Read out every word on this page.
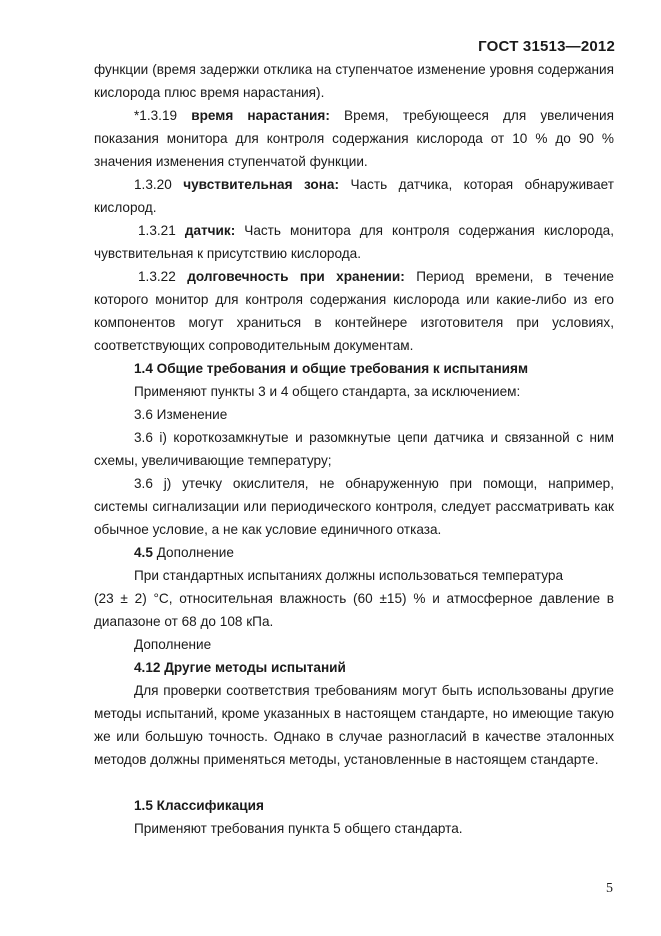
ГОСТ 31513—2012
функции (время задержки отклика на ступенчатое изменение уровня содержания кислорода плюс время нарастания).
*1.3.19 время нарастания: Время, требующееся для увеличения показания монитора для контроля содержания кислорода от 10 % до 90 % значения изменения ступенчатой функции.
1.3.20 чувствительная зона: Часть датчика, которая обнаруживает кислород.
1.3.21 датчик: Часть монитора для контроля содержания кислорода, чувствительная к присутствию кислорода.
1.3.22 долговечность при хранении: Период времени, в течение которого монитор для контроля содержания кислорода или какие-либо из его компонентов могут храниться в контейнере изготовителя при условиях, соответствующих сопроводительным документам.
1.4 Общие требования и общие требования к испытаниям
Применяют пункты 3 и 4 общего стандарта, за исключением:
3.6 Изменение
3.6 i) короткозамкнутые и разомкнутые цепи датчика и связанной с ним схемы, увеличивающие температуру;
3.6 j) утечку окислителя, не обнаруженную при помощи, например, системы сигнализации или периодического контроля, следует рассматривать как обычное условие, а не как условие единичного отказа.
4.5 Дополнение
При стандартных испытаниях должны использоваться температура
(23 ± 2) °С, относительная влажность (60 ±15) % и атмосферное давление в диапазоне от 68 до 108 кПа.
Дополнение
4.12 Другие методы испытаний
Для проверки соответствия требованиям могут быть использованы другие методы испытаний, кроме указанных в настоящем стандарте, но имеющие такую же или большую точность. Однако в случае разногласий в качестве эталонных методов должны применяться методы, установленные в настоящем стандарте.
1.5 Классификация
Применяют требования пункта 5 общего стандарта.
5
